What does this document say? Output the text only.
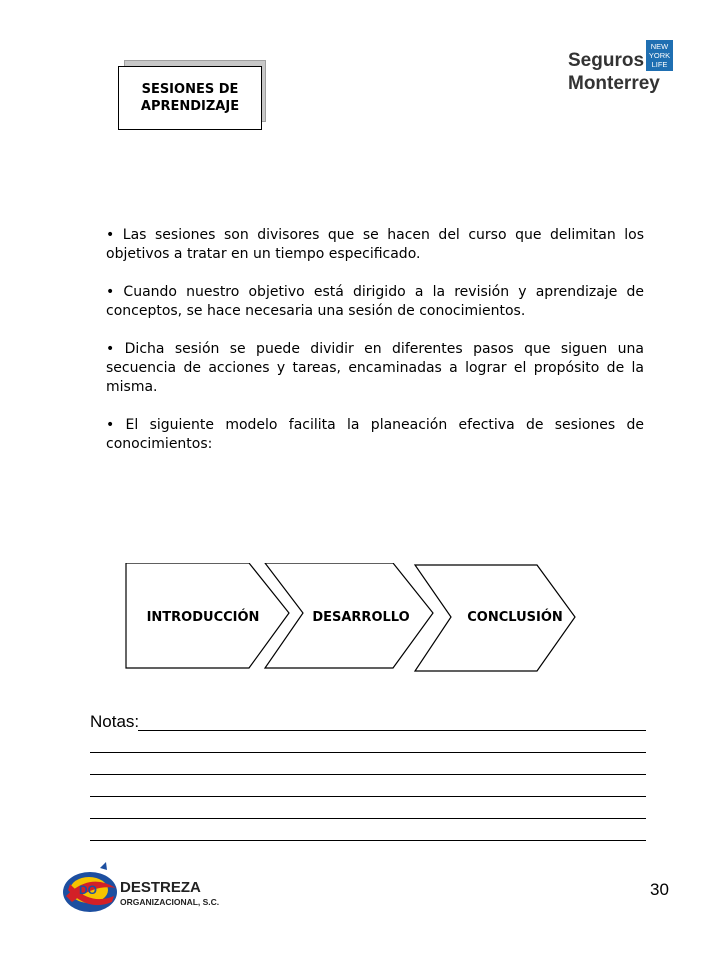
SESIONES DE
APRENDIZAJE
Seguros
Monterrey
NEW
YORK
LIFE

• Las sesiones son divisores que se hacen del curso que delimitan los objetivos a tratar en un tiempo especificado.

• Cuando nuestro objetivo está dirigido a la revisión y aprendizaje de conceptos, se hace necesaria una sesión de conocimientos.

• Dicha sesión se puede dividir en diferentes pasos que siguen una secuencia de acciones y tareas, encaminadas a lograr el propósito de la misma.

• El siguiente modelo facilita la planeación efectiva de sesiones de conocimientos:

INTRODUCCIÓN	DESARROLLO	CONCLUSIÓN
Notas:
DO DESTREZA
ORGANIZACIONAL, S.C.
30
